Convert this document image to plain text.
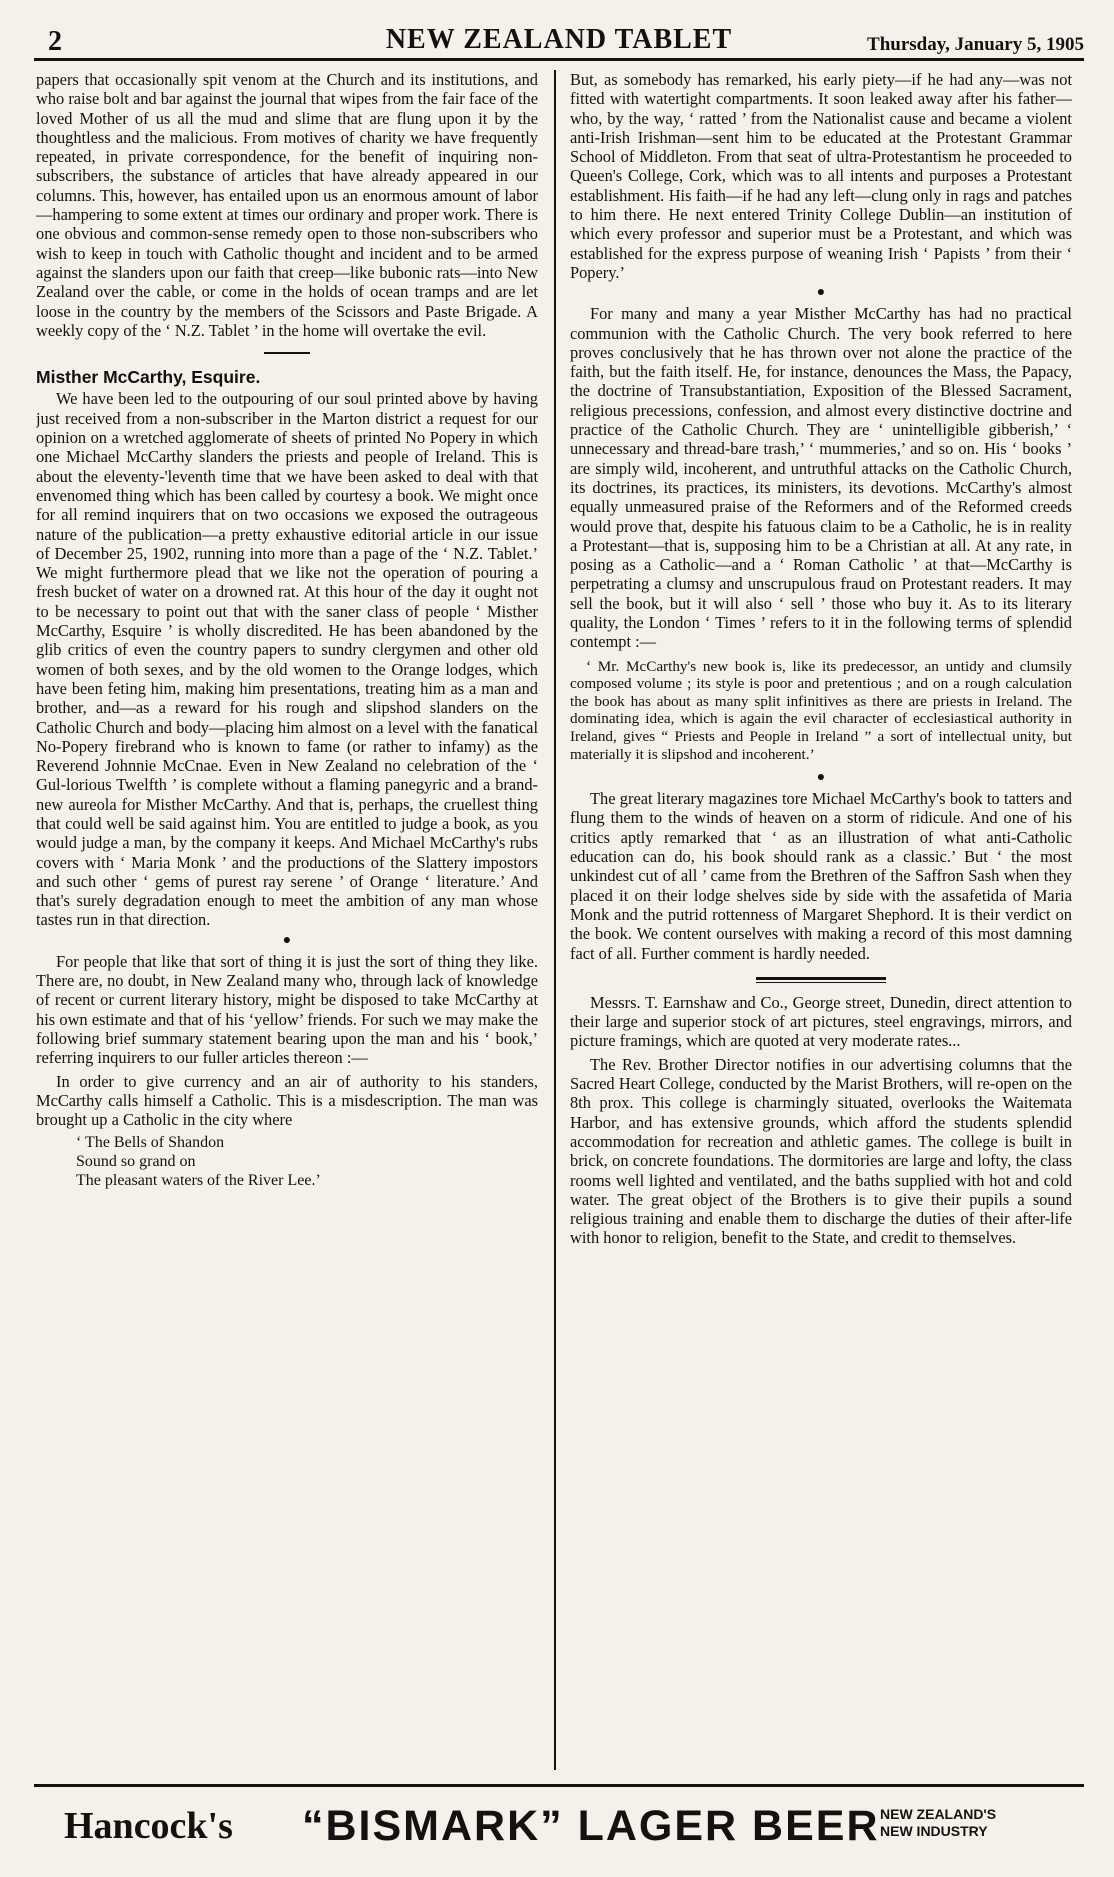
2	NEW ZEALAND TABLET	Thursday, January 5, 1905

papers that occasionally spit venom at the Church and its institutions, and who raise bolt and bar against the journal that wipes from the fair face of the loved Mother of us all the mud and slime that are flung upon it by the thoughtless and the malicious. From motives of charity we have frequently repeated, in private correspondence, for the benefit of inquiring non-subscribers, the substance of articles that have already appeared in our columns. This, however, has entailed upon us an enormous amount of labor—hampering to some extent at times our ordinary and proper work. There is one obvious and common-sense remedy open to those non-subscribers who wish to keep in touch with Catholic thought and incident and to be armed against the slanders upon our faith that creep—like bubonic rats—into New Zealand over the cable, or come in the holds of ocean tramps and are let loose in the country by the members of the Scissors and Paste Brigade. A weekly copy of the ‘ N.Z. Tablet ’ in the home will overtake the evil.

Misther McCarthy, Esquire.

We have been led to the outpouring of our soul printed above by having just received from a non-subscriber in the Marton district a request for our opinion on a wretched agglomerate of sheets of printed No Popery in which one Michael McCarthy slanders the priests and people of Ireland. This is about the eleventy-'leventh time that we have been asked to deal with that envenomed thing which has been called by courtesy a book. We might once for all remind inquirers that on two occasions we exposed the outrageous nature of the publication—a pretty exhaustive editorial article in our issue of December 25, 1902, running into more than a page of the ‘ N.Z. Tablet.’ We might furthermore plead that we like not the operation of pouring a fresh bucket of water on a drowned rat. At this hour of the day it ought not to be necessary to point out that with the saner class of people ‘ Misther McCarthy, Esquire ’ is wholly discredited. He has been abandoned by the glib critics of even the country papers to sundry clergymen and other old women of both sexes, and by the old women to the Orange lodges, which have been feting him, making him presentations, treating him as a man and brother, and—as a reward for his rough and slipshod slanders on the Catholic Church and body—placing him almost on a level with the fanatical No-Popery firebrand who is known to fame (or rather to infamy) as the Reverend Johnnie McCnae. Even in New Zealand no celebration of the ‘ Gul-lorious Twelfth ’ is complete without a flaming panegyric and a brand-new aureola for Misther McCarthy. And that is, perhaps, the cruellest thing that could well be said against him. You are entitled to judge a book, as you would judge a man, by the company it keeps. And Michael McCarthy's rubs covers with ‘ Maria Monk ’ and the productions of the Slattery impostors and such other ‘ gems of purest ray serene ’ of Orange ‘ literature.’ And that's surely degradation enough to meet the ambition of any man whose tastes run in that direction.

●

For people that like that sort of thing it is just the sort of thing they like. There are, no doubt, in New Zealand many who, through lack of knowledge of recent or current literary history, might be disposed to take McCarthy at his own estimate and that of his ‘yellow’ friends. For such we may make the following brief summary statement bearing upon the man and his ‘ book,’ referring inquirers to our fuller articles thereon :—

In order to give currency and an air of authority to his standers, McCarthy calls himself a Catholic. This is a misdescription. The man was brought up a Catholic in the city where

‘ The Bells of Shandon
Sound so grand on
The pleasant waters of the River Lee.’

But, as somebody has remarked, his early piety—if he had any—was not fitted with watertight compartments. It soon leaked away after his father—who, by the way, ‘ ratted ’ from the Nationalist cause and became a violent anti-Irish Irishman—sent him to be educated at the Protestant Grammar School of Middleton. From that seat of ultra-Protestantism he proceeded to Queen's College, Cork, which was to all intents and purposes a Protestant establishment. His faith—if he had any left—clung only in rags and patches to him there. He next entered Trinity College Dublin—an institution of which every professor and superior must be a Protestant, and which was established for the express purpose of weaning Irish ‘ Papists ’ from their ‘ Popery.’

●

For many and many a year Misther McCarthy has had no practical communion with the Catholic Church. The very book referred to here proves conclusively that he has thrown over not alone the practice of the faith, but the faith itself. He, for instance, denounces the Mass, the Papacy, the doctrine of Transubstantiation, Exposition of the Blessed Sacrament, religious precessions, confession, and almost every distinctive doctrine and practice of the Catholic Church. They are ‘ unintelligible gibberish,’ ‘ unnecessary and thread-bare trash,’ ‘ mummeries,’ and so on. His ‘ books ’ are simply wild, incoherent, and untruthful attacks on the Catholic Church, its doctrines, its practices, its ministers, its devotions. McCarthy's almost equally unmeasured praise of the Reformers and of the Reformed creeds would prove that, despite his fatuous claim to be a Catholic, he is in reality a Protestant—that is, supposing him to be a Christian at all. At any rate, in posing as a Catholic—and a ‘ Roman Catholic ’ at that—McCarthy is perpetrating a clumsy and unscrupulous fraud on Protestant readers. It may sell the book, but it will also ‘ sell ’ those who buy it. As to its literary quality, the London ‘ Times ’ refers to it in the following terms of splendid contempt :—

‘ Mr. McCarthy's new book is, like its predecessor, an untidy and clumsily composed volume ; its style is poor and pretentious ; and on a rough calculation the book has about as many split infinitives as there are priests in Ireland. The dominating idea, which is again the evil character of ecclesiastical authority in Ireland, gives “ Priests and People in Ireland ” a sort of intellectual unity, but materially it is slipshod and incoherent.’
●

The great literary magazines tore Michael McCarthy's book to tatters and flung them to the winds of heaven on a storm of ridicule. And one of his critics aptly remarked that ‘ as an illustration of what anti-Catholic education can do, his book should rank as a classic.’ But ‘ the most unkindest cut of all ’ came from the Brethren of the Saffron Sash when they placed it on their lodge shelves side by side with the assafetida of Maria Monk and the putrid rottenness of Margaret Shephord. It is their verdict on the book. We content ourselves with making a record of this most damning fact of all. Further comment is hardly needed.

Messrs. T. Earnshaw and Co., George street, Dunedin, direct attention to their large and superior stock of art pictures, steel engravings, mirrors, and picture framings, which are quoted at very moderate rates...

The Rev. Brother Director notifies in our advertising columns that the Sacred Heart College, conducted by the Marist Brothers, will re-open on the 8th prox. This college is charmingly situated, overlooks the Waitemata Harbor, and has extensive grounds, which afford the students splendid accommodation for recreation and athletic games. The college is built in brick, on concrete foundations. The dormitories are large and lofty, the class rooms well lighted and ventilated, and the baths supplied with hot and cold water. The great object of the Brothers is to give their pupils a sound religious training and enable them to discharge the duties of their after-life with honor to religion, benefit to the State, and credit to themselves.

Hancock's “BISMARK” LAGER BEER NEW ZEALAND'S
NEW INDUSTRY
